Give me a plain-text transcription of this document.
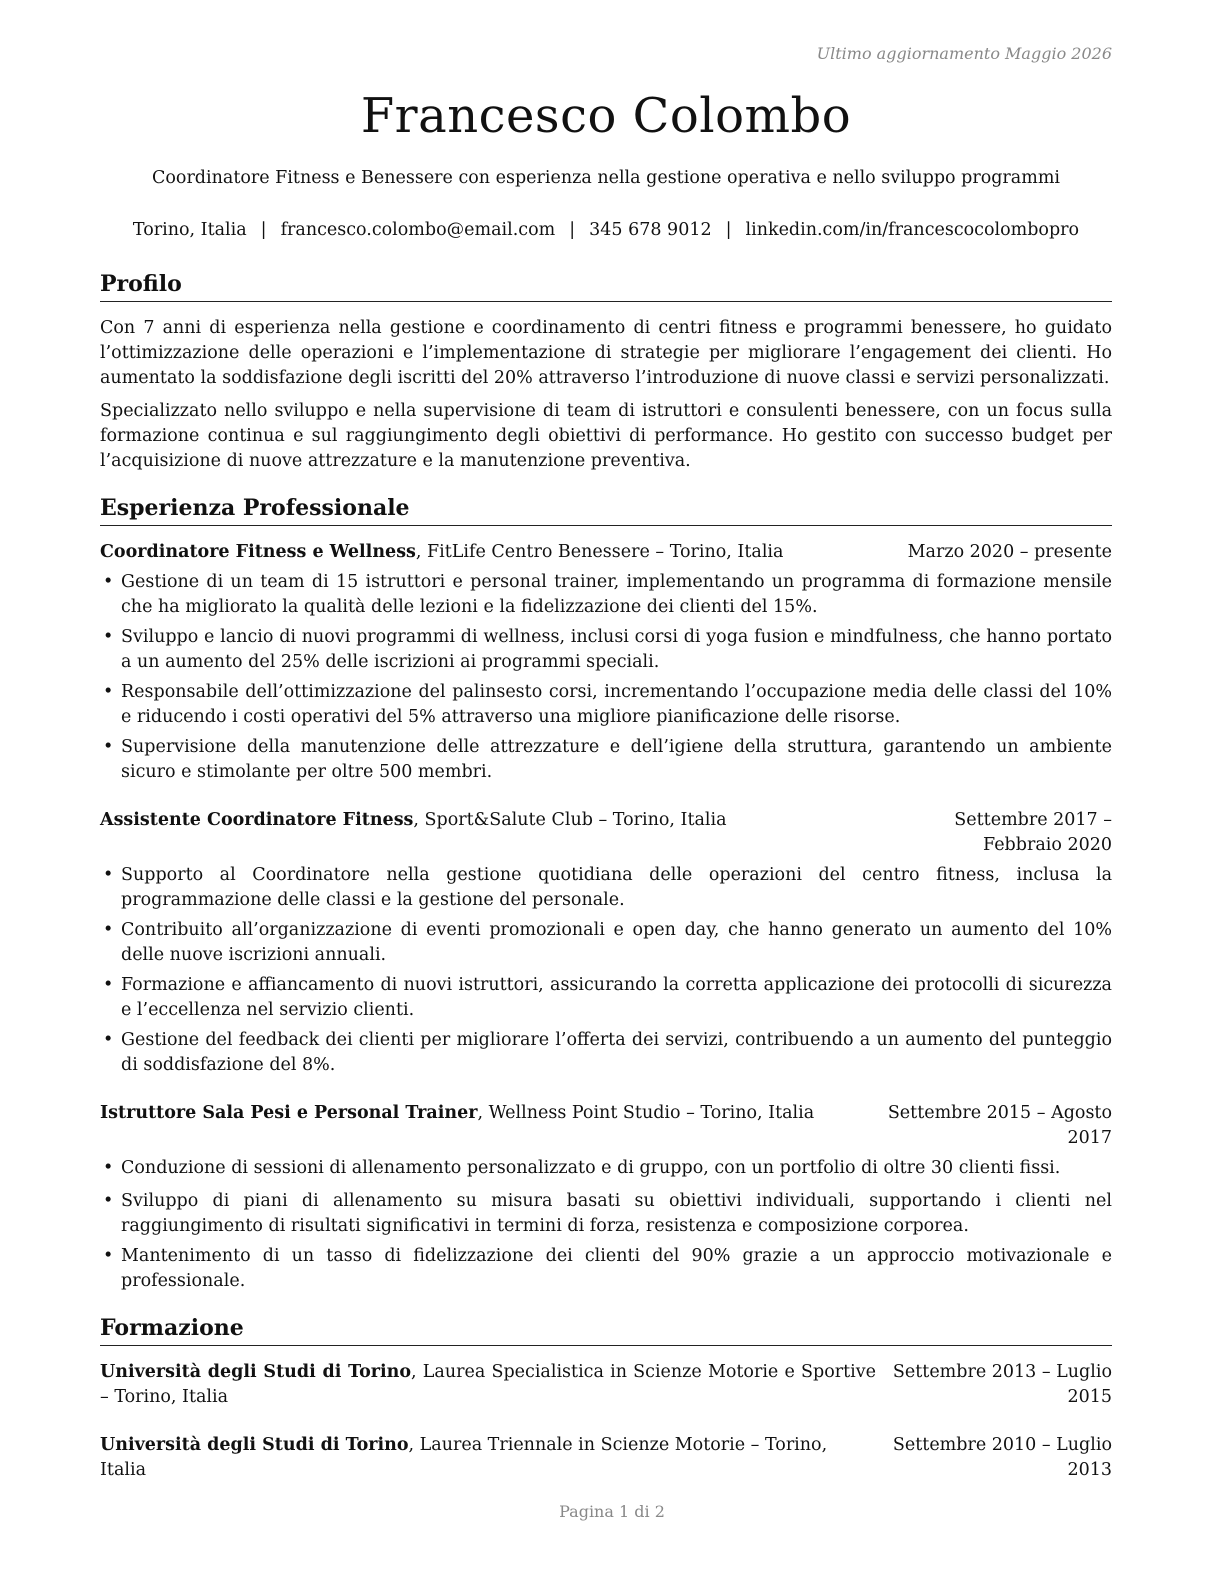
Ultimo aggiornamento Maggio 2026
Francesco Colombo
Coordinatore Fitness e Benessere con esperienza nella gestione operativa e nello sviluppo programmi
Torino, Italia | francesco.colombo@email.com | 345 678 9012 | linkedin.com/in/francescocolombopro
Profilo

Con 7 anni di esperienza nella gestione e coordinamento di centri fitness e programmi benessere, ho guidato l’ottimizzazione delle operazioni e l’implementazione di strategie per migliorare l’engagement dei clienti. Ho aumentato la soddisfazione degli iscritti del 20% attraverso l’introduzione di nuove classi e servizi personalizzati.

Specializzato nello sviluppo e nella supervisione di team di istruttori e consulenti benessere, con un focus sulla formazione continua e sul raggiungimento degli obiettivi di performance. Ho gestito con successo budget per l’acquisizione di nuove attrezzature e la manutenzione preventiva.

Esperienza Professionale
Coordinatore Fitness e Wellness, FitLife Centro Benessere – Torino, Italia	Marzo 2020 – presente
• Gestione di un team di 15 istruttori e personal trainer, implementando un programma di formazione mensile che ha migliorato la qualità delle lezioni e la fidelizzazione dei clienti del 15%.
• Sviluppo e lancio di nuovi programmi di wellness, inclusi corsi di yoga fusion e mindfulness, che hanno portato a un aumento del 25% delle iscrizioni ai programmi speciali.
• Responsabile dell’ottimizzazione del palinsesto corsi, incrementando l’occupazione media delle classi del 10% e riducendo i costi operativi del 5% attraverso una migliore pianificazione delle risorse.
• Supervisione della manutenzione delle attrezzature e dell’igiene della struttura, garantendo un ambiente sicuro e stimolante per oltre 500 membri.
Assistente Coordinatore Fitness, Sport&Salute Club – Torino, Italia	Settembre 2017 – Febbraio 2020
• Supporto al Coordinatore nella gestione quotidiana delle operazioni del centro fitness, inclusa la programmazione delle classi e la gestione del personale.
• Contribuito all’organizzazione di eventi promozionali e open day, che hanno generato un aumento del 10% delle nuove iscrizioni annuali.
• Formazione e affiancamento di nuovi istruttori, assicurando la corretta applicazione dei protocolli di sicurezza e l’eccellenza nel servizio clienti.
• Gestione del feedback dei clienti per migliorare l’offerta dei servizi, contribuendo a un aumento del punteggio di soddisfazione del 8%.
Istruttore Sala Pesi e Personal Trainer, Wellness Point Studio – Torino, Italia	Settembre 2015 – Agosto 2017
• Conduzione di sessioni di allenamento personalizzato e di gruppo, con un portfolio di oltre 30 clienti fissi.
• Sviluppo di piani di allenamento su misura basati su obiettivi individuali, supportando i clienti nel raggiungimento di risultati significativi in termini di forza, resistenza e composizione corporea.
• Mantenimento di un tasso di fidelizzazione dei clienti del 90% grazie a un approccio motivazionale e professionale.
Formazione
Università degli Studi di Torino, Laurea Specialistica in Scienze Motorie e Sportive – Torino, Italia
Settembre 2013 – Luglio 2015
Università degli Studi di Torino, Laurea Triennale in Scienze Motorie – Torino, Italia
Settembre 2010 – Luglio 2013
Pagina 1 di 2
